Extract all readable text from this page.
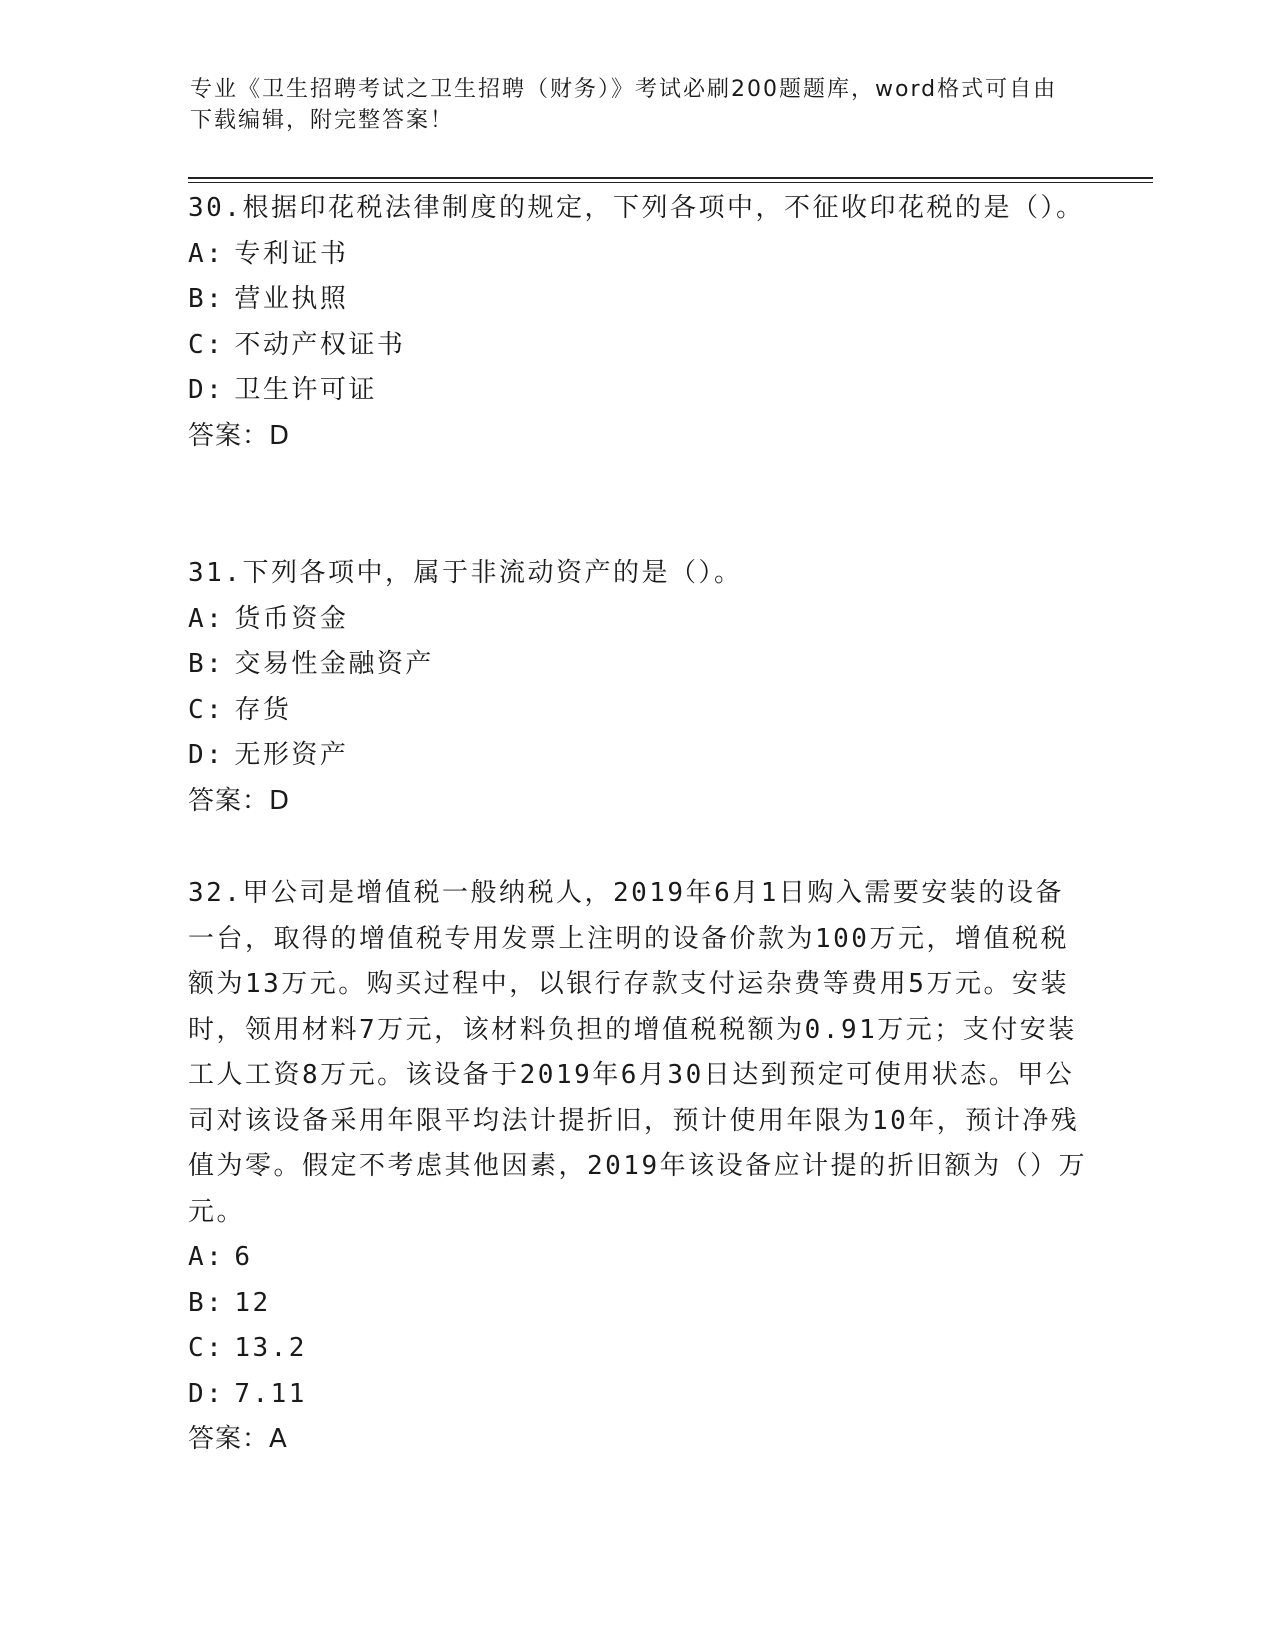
专业《卫生招聘考试之卫生招聘（财务）》考试必刷200题题库，word格式可自由下载编辑，附完整答案！

30.根据印花税法律制度的规定，下列各项中，不征收印花税的是（）。

A: 专利证书

B: 营业执照

C: 不动产权证书

D: 卫生许可证

答案：D

31.下列各项中，属于非流动资产的是（）。

A: 货币资金

B: 交易性金融资产

C: 存货

D: 无形资产

答案：D

32.甲公司是增值税一般纳税人，2019年6月1日购入需要安装的设备一台，取得的增值税专用发票上注明的设备价款为100万元，增值税税额为13万元。购买过程中，以银行存款支付运杂费等费用5万元。安装时，领用材料7万元，该材料负担的增值税税额为0.91万元；支付安装工人工资8万元。该设备于2019年6月30日达到预定可使用状态。甲公司对该设备采用年限平均法计提折旧，预计使用年限为10年，预计净残值为零。假定不考虑其他因素，2019年该设备应计提的折旧额为（）万元。

A: 6

B: 12

C: 13.2

D: 7.11

答案：A
